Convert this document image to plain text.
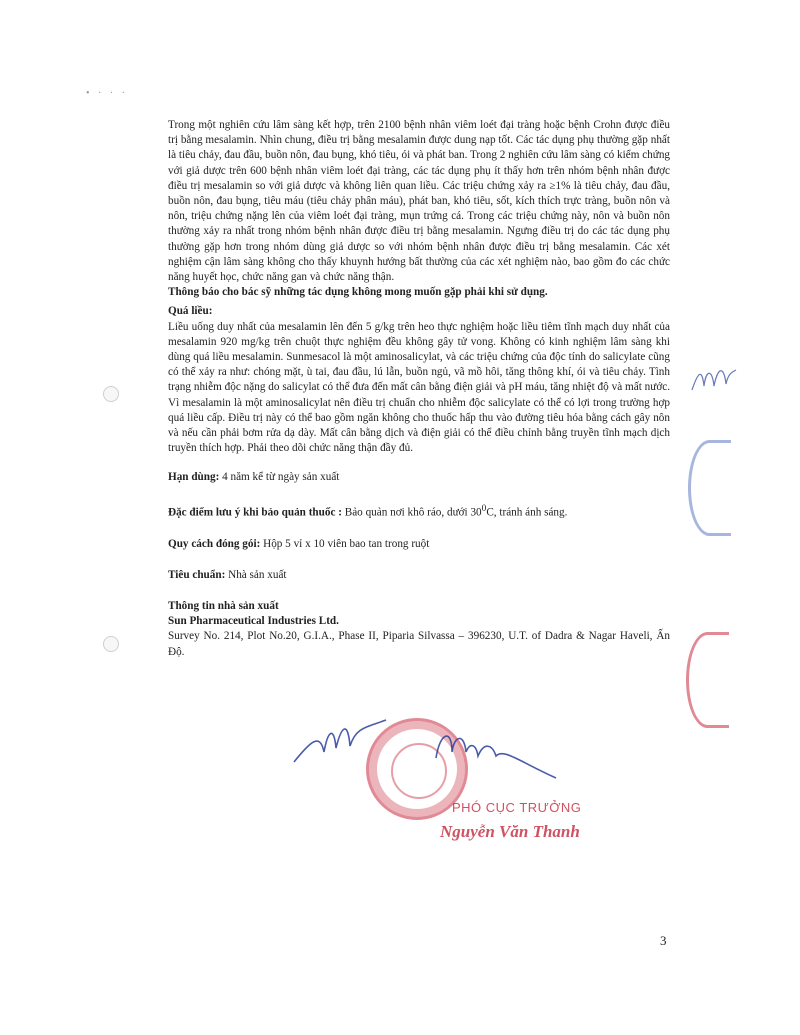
• · · ·

Trong một nghiên cứu lâm sàng kết hợp, trên 2100 bệnh nhân viêm loét đại tràng hoặc bệnh Crohn được điều trị bằng mesalamin. Nhìn chung, điều trị bằng mesalamin được dung nạp tốt. Các tác dụng phụ thường gặp nhất là tiêu chảy, đau đầu, buồn nôn, đau bụng, khó tiêu, ói và phát ban. Trong 2 nghiên cứu lâm sàng có kiểm chứng với giả dược trên 600 bệnh nhân viêm loét đại tràng, các tác dụng phụ ít thấy hơn trên nhóm bệnh nhân được điều trị mesalamin so với giả dược và không liên quan liều. Các triệu chứng xảy ra ≥1% là tiêu chảy, đau đầu, buồn nôn, đau bụng, tiêu máu (tiêu chảy phân máu), phát ban, khó tiêu, sốt, kích thích trực tràng, buồn nôn và nôn, triệu chứng nặng lên của viêm loét đại tràng, mụn trứng cá. Trong các triệu chứng này, nôn và buồn nôn thường xảy ra nhất trong nhóm bệnh nhân được điều trị bằng mesalamin. Ngưng điều trị do các tác dụng phụ thường gặp hơn trong nhóm dùng giả dược so với nhóm bệnh nhân được điều trị bằng mesalamin. Các xét nghiệm cận lâm sàng không cho thấy khuynh hướng bất thường của các xét nghiệm nào, bao gồm đo các chức năng huyết học, chức năng gan và chức năng thận.

Thông báo cho bác sỹ những tác dụng không mong muốn gặp phải khi sử dụng.

Quá liều:

Liều uống duy nhất của mesalamin lên đến 5 g/kg trên heo thực nghiệm hoặc liều tiêm tĩnh mạch duy nhất của mesalamin 920 mg/kg trên chuột thực nghiệm đều không gây tử vong. Không có kinh nghiệm lâm sàng khi dùng quá liều mesalamin. Sunmesacol là một aminosalicylat, và các triệu chứng của độc tính do salicylate cũng có thể xảy ra như: chóng mặt, ù tai, đau đầu, lú lẫn, buồn ngủ, vã mồ hôi, tăng thông khí, ói và tiêu chảy. Tình trạng nhiễm độc nặng do salicylat có thể đưa đến mất cân bằng điện giải và pH máu, tăng nhiệt độ và mất nước. Vì mesalamin là một aminosalicylat nên điều trị chuẩn cho nhiễm độc salicylate có thể có lợi trong trường hợp quá liều cấp. Điều trị này có thể bao gồm ngăn không cho thuốc hấp thu vào đường tiêu hóa bằng cách gây nôn và nếu cần phải bơm rửa dạ dày. Mất cân bằng dịch và điện giải có thể điều chỉnh bằng truyền tĩnh mạch dịch truyền thích hợp. Phải theo dõi chức năng thận đầy đủ.

Hạn dùng: 4 năm kể từ ngày sản xuất

Đặc điểm lưu ý khi bảo quản thuốc : Bảo quản nơi khô ráo, dưới $30^0C$, tránh ánh sáng.

Quy cách đóng gói: Hộp 5 vỉ x 10 viên bao tan trong ruột

Tiêu chuẩn: Nhà sản xuất

Thông tin nhà sản xuất

Sun Pharmaceutical Industries Ltd.

Survey No. 214, Plot No.20, G.I.A., Phase II, Piparia Silvassa – 396230, U.T. of Dadra & Nagar Haveli, Ấn Độ.

PHÓ CỤC TRƯỞNG
Nguyễn Văn Thanh
3
